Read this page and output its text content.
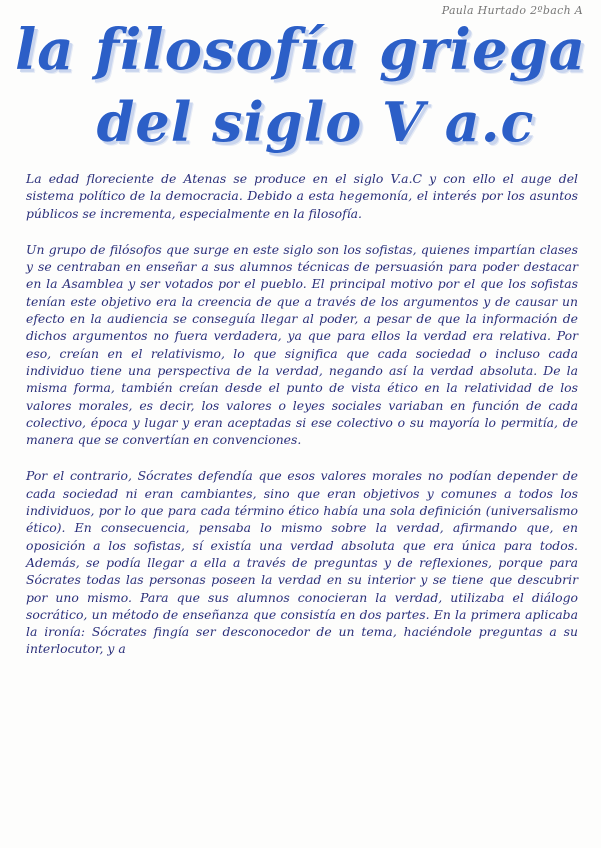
Paula Hurtado 2ºbach A
la filosofía griega
del siglo V a.c

La edad floreciente de Atenas se produce en el siglo V.a.C y con ello el auge del sistema político de la democracia. Debido a esta hegemonía, el interés por los asuntos públicos se incrementa, especialmente en la filosofía.

Un grupo de filósofos que surge en este siglo son los sofistas, quienes impartían clases y se centraban en enseñar a sus alumnos técnicas de persuasión para poder destacar en la Asamblea y ser votados por el pueblo. El principal motivo por el que los sofistas tenían este objetivo era la creencia de que a través de los argumentos y de causar un efecto en la audiencia se conseguía llegar al poder, a pesar de que la información de dichos argumentos no fuera verdadera, ya que para ellos la verdad era relativa. Por eso, creían en el relativismo, lo que significa que cada sociedad o incluso cada individuo tiene una perspectiva de la verdad, negando así la verdad absoluta. De la misma forma, también creían desde el punto de vista ético en la relatividad de los valores morales, es decir, los valores o leyes sociales variaban en función de cada colectivo, época y lugar y eran aceptadas si ese colectivo o su mayoría lo permitía, de manera que se convertían en convenciones.

Por el contrario, Sócrates defendía que esos valores morales no podían depender de cada sociedad ni eran cambiantes, sino que eran objetivos y comunes a todos los individuos, por lo que para cada término ético había una sola definición (universalismo ético). En consecuencia, pensaba lo mismo sobre la verdad, afirmando que, en oposición a los sofistas, sí existía una verdad absoluta que era única para todos. Además, se podía llegar a ella a través de preguntas y de reflexiones, porque para Sócrates todas las personas poseen la verdad en su interior y se tiene que descubrir por uno mismo. Para que sus alumnos conocieran la verdad, utilizaba el diálogo socrático, un método de enseñanza que consistía en dos partes. En la primera aplicaba la ironía: Sócrates fingía ser desconocedor de un tema, haciéndole preguntas a su interlocutor, y a
